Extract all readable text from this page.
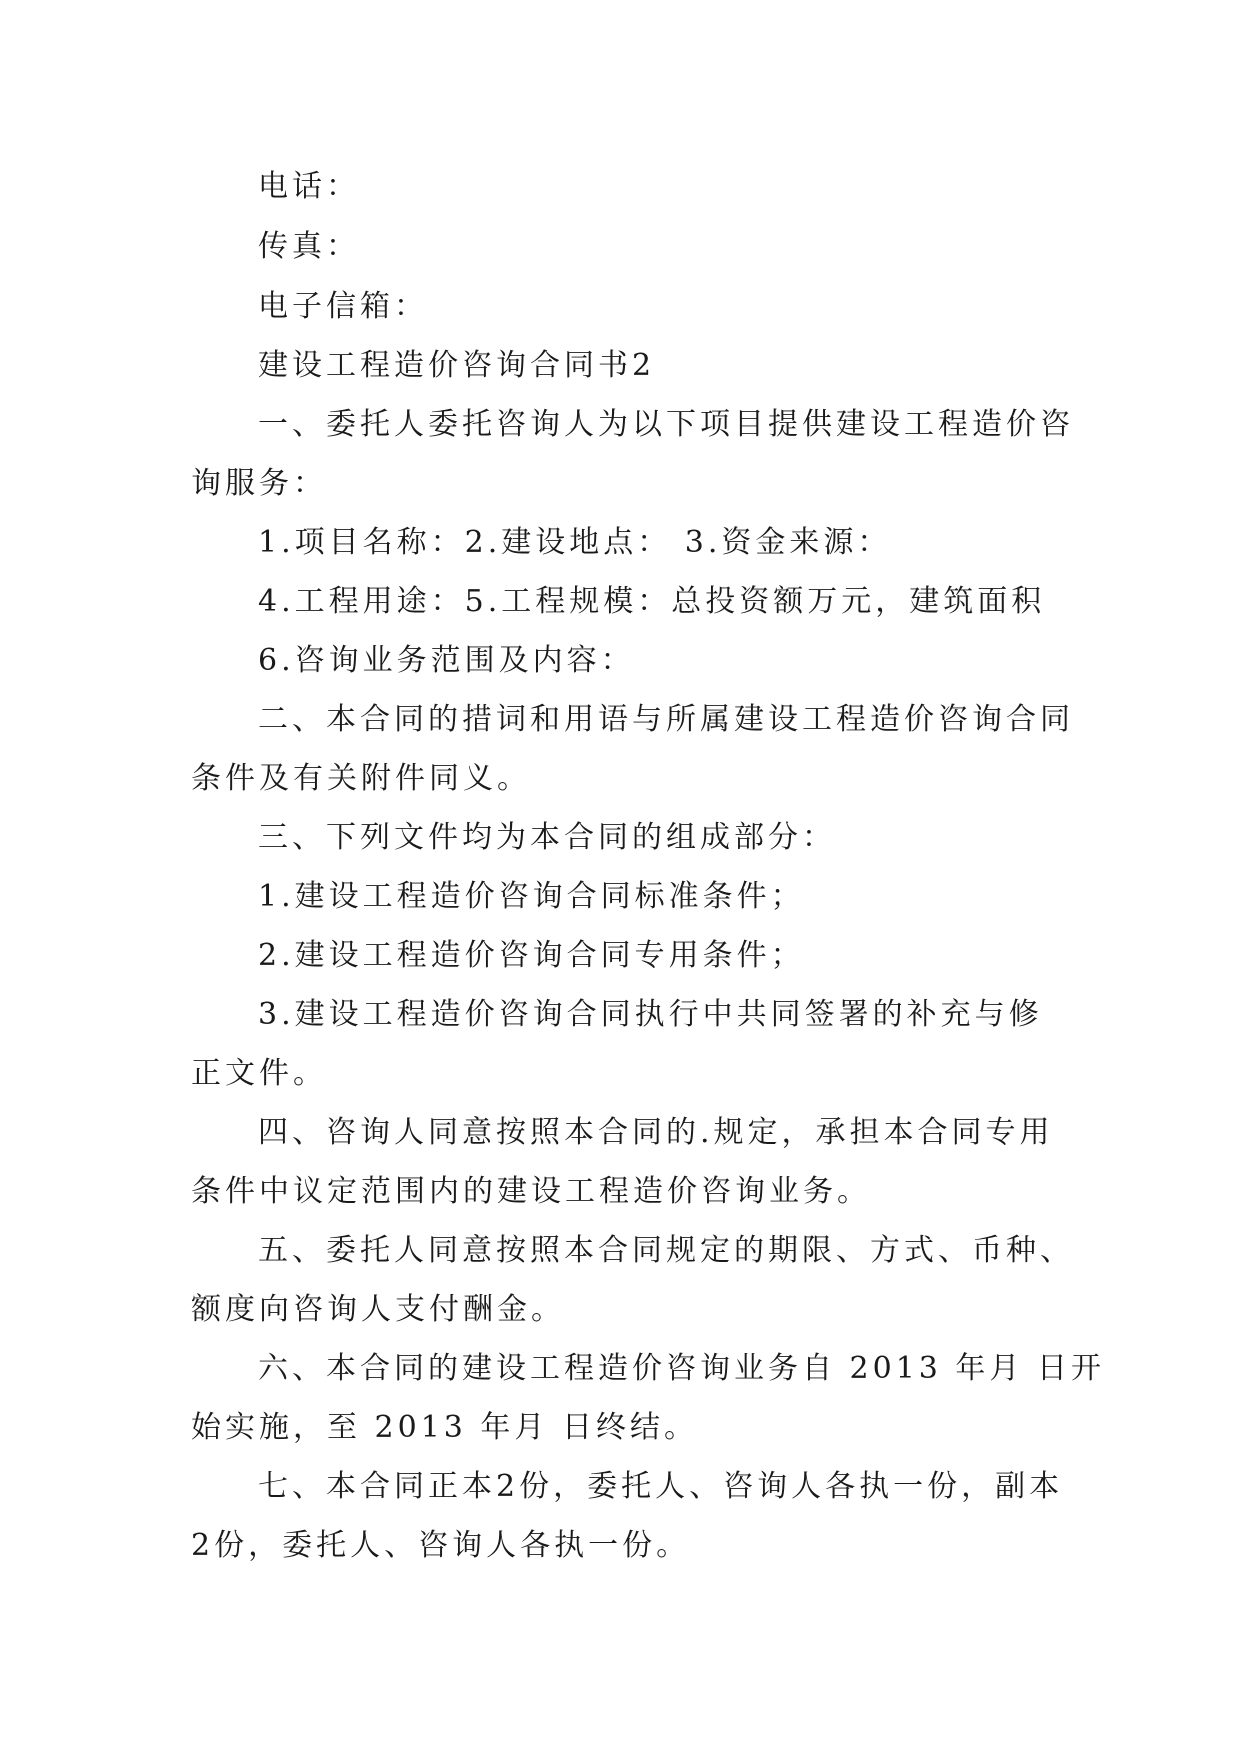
电话：
传真：
电子信箱：
建设工程造价咨询合同书2
一、委托人委托咨询人为以下项目提供建设工程造价咨
询服务：
1.项目名称：2.建设地点： 3.资金来源：
4.工程用途：5.工程规模：总投资额万元，建筑面积
6.咨询业务范围及内容：
二、本合同的措词和用语与所属建设工程造价咨询合同
条件及有关附件同义。
三、下列文件均为本合同的组成部分：
1.建设工程造价咨询合同标准条件；
2.建设工程造价咨询合同专用条件；
3.建设工程造价咨询合同执行中共同签署的补充与修
正文件。
四、咨询人同意按照本合同的.规定，承担本合同专用
条件中议定范围内的建设工程造价咨询业务。
五、委托人同意按照本合同规定的期限、方式、币种、
额度向咨询人支付酬金。
六、本合同的建设工程造价咨询业务自 2013 年月 日开
始实施，至 2013 年月 日终结。
七、本合同正本2份，委托人、咨询人各执一份，副本
2份，委托人、咨询人各执一份。
